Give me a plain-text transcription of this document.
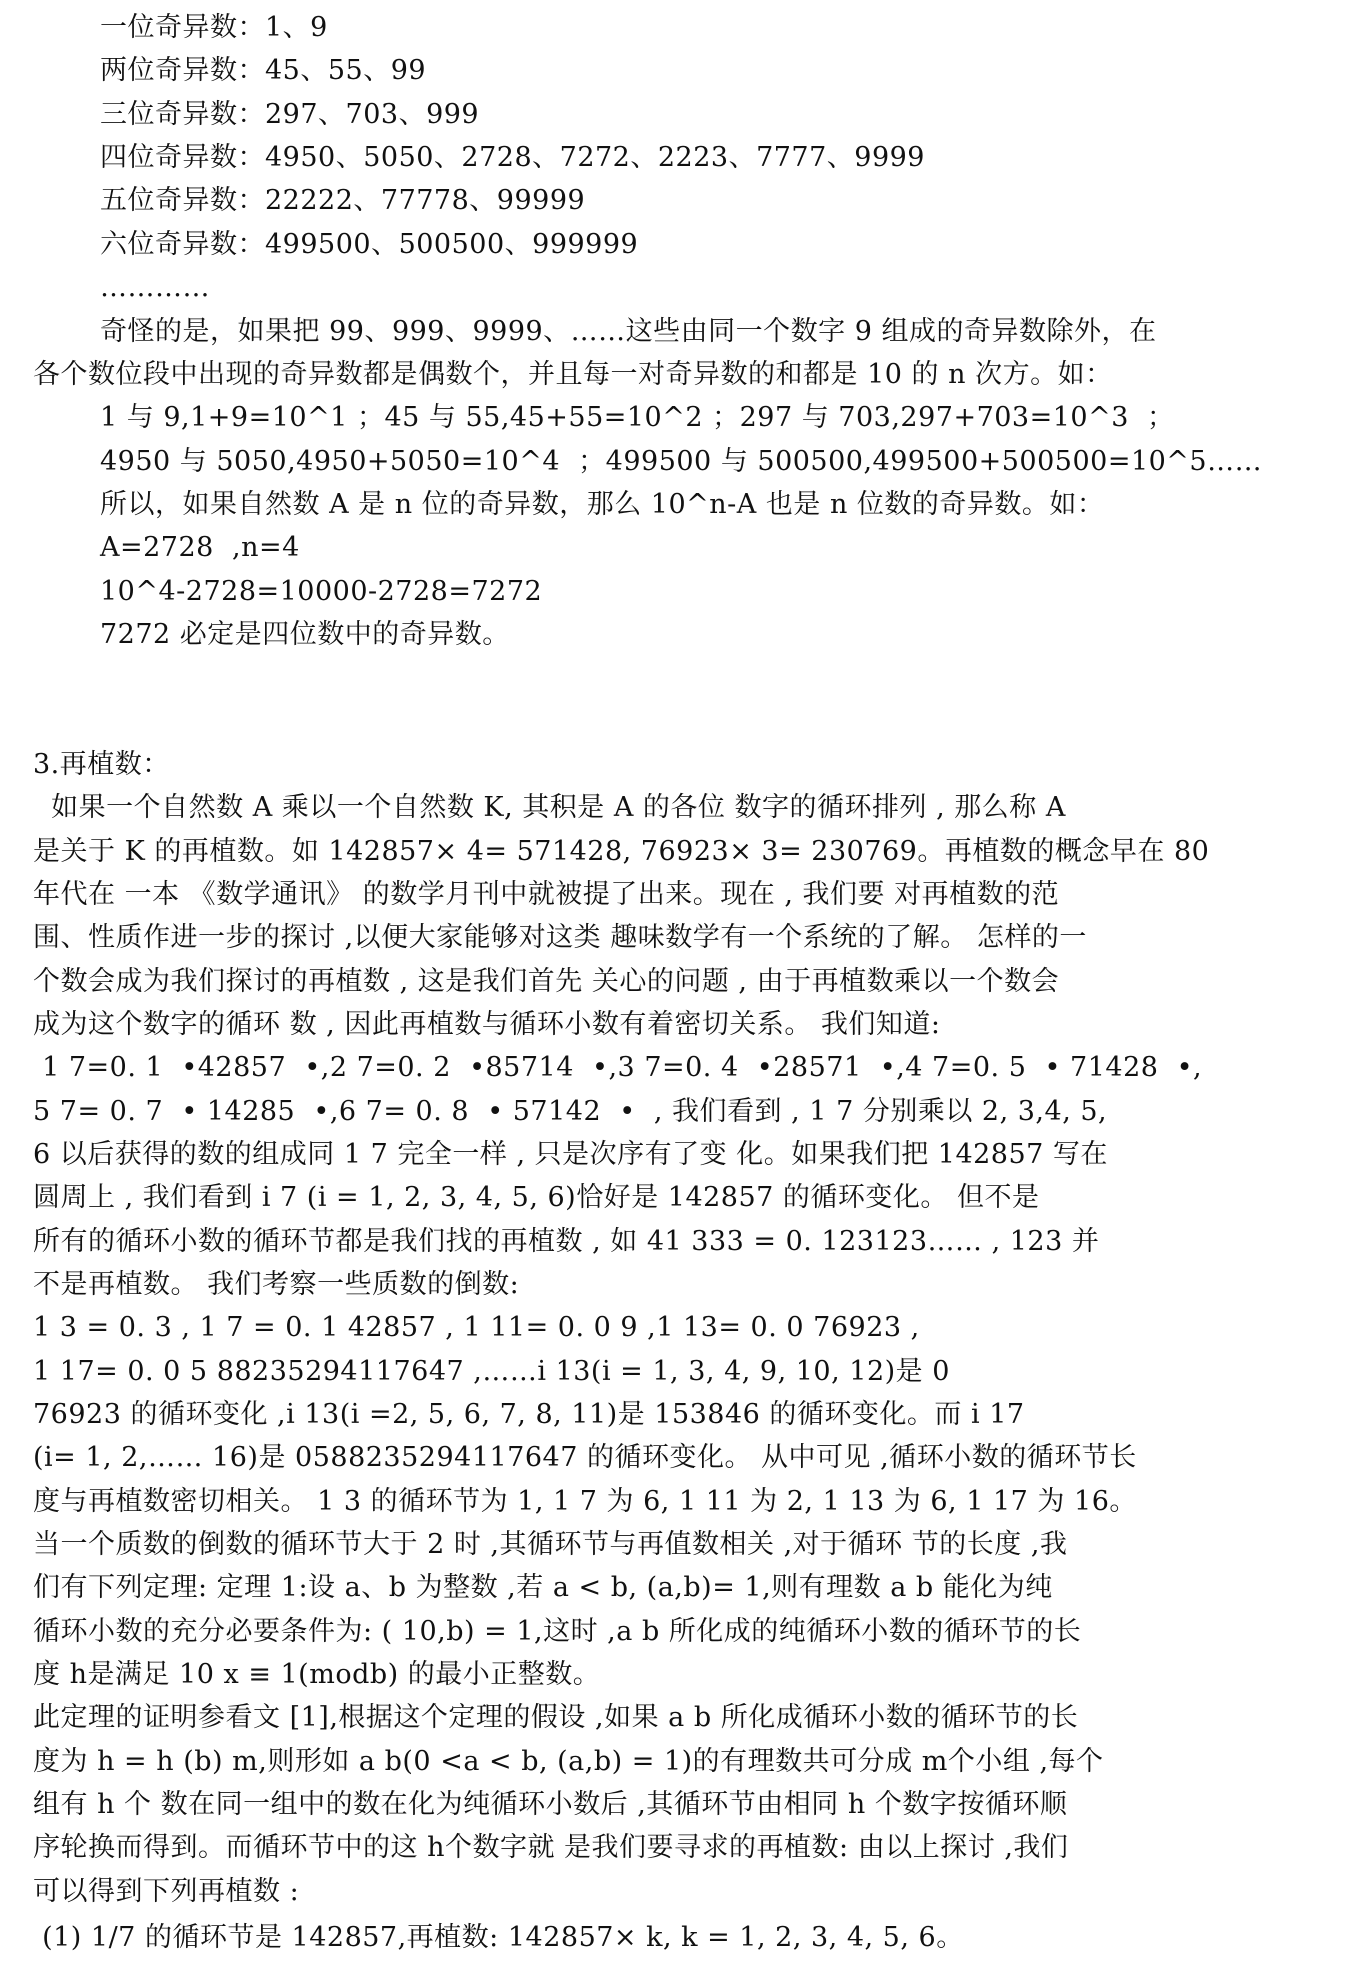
一位奇异数：1、9
两位奇异数：45、55、99
三位奇异数：297、703、999
四位奇异数：4950、5050、2728、7272、2223、7777、9999
五位奇异数：22222、77778、99999
六位奇异数：499500、500500、999999
…………
奇怪的是，如果把 99、999、9999、……这些由同一个数字 9 组成的奇异数除外，在
各个数位段中出现的奇异数都是偶数个，并且每一对奇异数的和都是 10 的 n 次方。如：
1 与 9,1+9=10^1 ；45 与 55,45+55=10^2 ；297 与 703,297+703=10^3  ；
4950 与 5050,4950+5050=10^4  ；499500 与 500500,499500+500500=10^5……
所以，如果自然数 A 是 n 位的奇异数，那么 10^n-A 也是 n 位数的奇异数。如：
A=2728  ,n=4
10^4-2728=10000-2728=7272
7272 必定是四位数中的奇异数。
3.再植数：
如果一个自然数 A 乘以一个自然数 K, 其积是 A 的各位 数字的循环排列 , 那么称 A
是关于 K 的再植数。如 142857× 4= 571428, 76923× 3= 230769。再植数的概念早在 80
年代在 一本 《数学通讯》 的数学月刊中就被提了出来。现在 , 我们要 对再植数的范
围、性质作进一步的探讨 ,以便大家能够对这类 趣味数学有一个系统的了解。 怎样的一
个数会成为我们探讨的再植数 , 这是我们首先 关心的问题 , 由于再植数乘以一个数会
成为这个数字的循环 数 , 因此再植数与循环小数有着密切关系。 我们知道:
1 7=0. 1  •42857  •,2 7=0. 2  •85714  •,3 7=0. 4  •28571  •,4 7=0. 5  • 71428  •,
5 7= 0. 7  • 14285  •,6 7= 0. 8  • 57142  •  , 我们看到 , 1 7 分别乘以 2, 3,4, 5,
6 以后获得的数的组成同 1 7 完全一样 , 只是次序有了变 化。如果我们把 142857 写在
圆周上 , 我们看到 i 7 (i = 1, 2, 3, 4, 5, 6)恰好是 142857 的循环变化。 但不是
所有的循环小数的循环节都是我们找的再植数 , 如 41 333 = 0. 123123…… , 123 并
不是再植数。 我们考察一些质数的倒数:
1 3 = 0. 3 , 1 7 = 0. 1 42857 , 1 11= 0. 0 9 ,1 13= 0. 0 76923 ,
1 17= 0. 0 5 88235294117647 ,……i 13(i = 1, 3, 4, 9, 10, 12)是 0
76923 的循环变化 ,i 13(i =2, 5, 6, 7, 8, 11)是 153846 的循环变化。而 i 17
(i= 1, 2,…… 16)是 0588235294117647 的循环变化。 从中可见 ,循环小数的循环节长
度与再植数密切相关。 1 3 的循环节为 1, 1 7 为 6, 1 11 为 2, 1 13 为 6, 1 17 为 16。
当一个质数的倒数的循环节大于 2 时 ,其循环节与再值数相关 ,对于循环 节的长度 ,我
们有下列定理: 定理 1:设 a、b 为整数 ,若 a < b, (a,b)= 1,则有理数 a b 能化为纯
循环小数的充分必要条件为: ( 10,b) = 1,这时 ,a b 所化成的纯循环小数的循环节的长
度 h是满足 10 x ≡ 1(modb) 的最小正整数。
此定理的证明参看文 [1],根据这个定理的假设 ,如果 a b 所化成循环小数的循环节的长
度为 h = h (b) m,则形如 a b(0 <a < b, (a,b) = 1)的有理数共可分成 m个小组 ,每个
组有 h 个 数在同一组中的数在化为纯循环小数后 ,其循环节由相同 h 个数字按循环顺
序轮换而得到。而循环节中的这 h个数字就 是我们要寻求的再植数: 由以上探讨 ,我们
可以得到下列再植数 :
(1) 1/7 的循环节是 142857,再植数: 142857× k, k = 1, 2, 3, 4, 5, 6。
